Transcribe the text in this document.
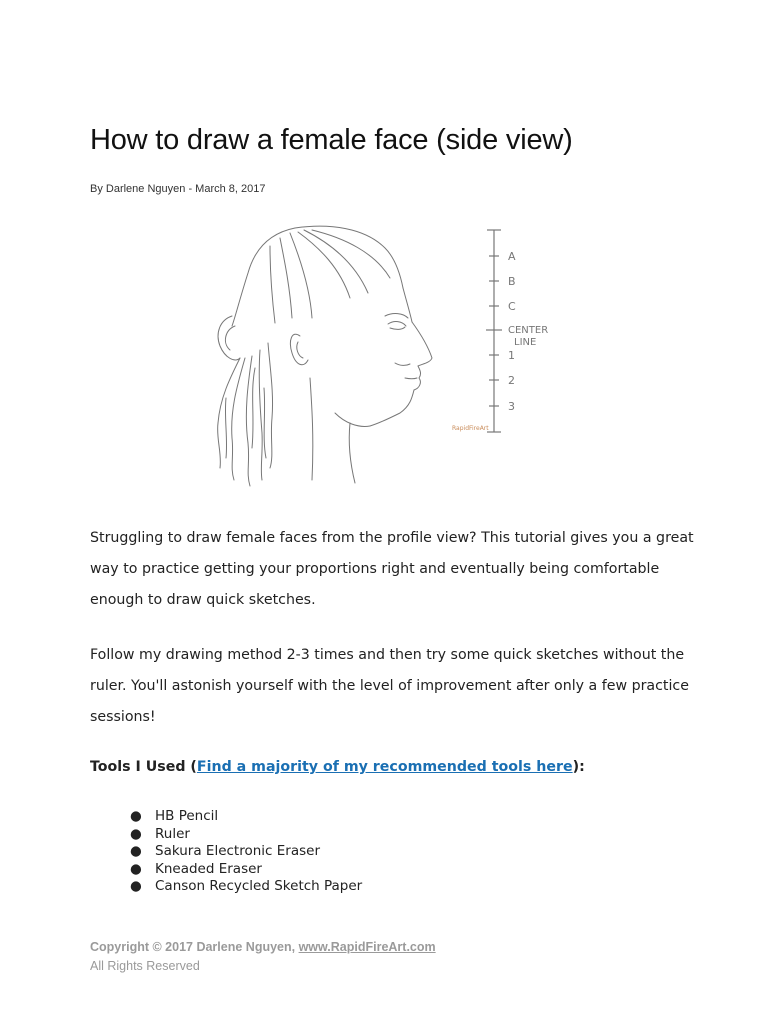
How to draw a female face (side view)
By Darlene Nguyen - March 8, 2017
A
B
C
CENTER
LINE
1
2
3
RapidFireArt

Struggling to draw female faces from the profile view? This tutorial gives you a great way to practice getting your proportions right and eventually being comfortable enough to draw quick sketches.

Follow my drawing method 2-3 times and then try some quick sketches without the ruler. You'll astonish yourself with the level of improvement after only a few practice sessions!

Tools I Used (Find a majority of my recommended tools here):

● HB Pencil
● Ruler
● Sakura Electronic Eraser
● Kneaded Eraser
● Canson Recycled Sketch Paper
Copyright © 2017 Darlene Nguyen, www.RapidFireArt.com
All Rights Reserved
